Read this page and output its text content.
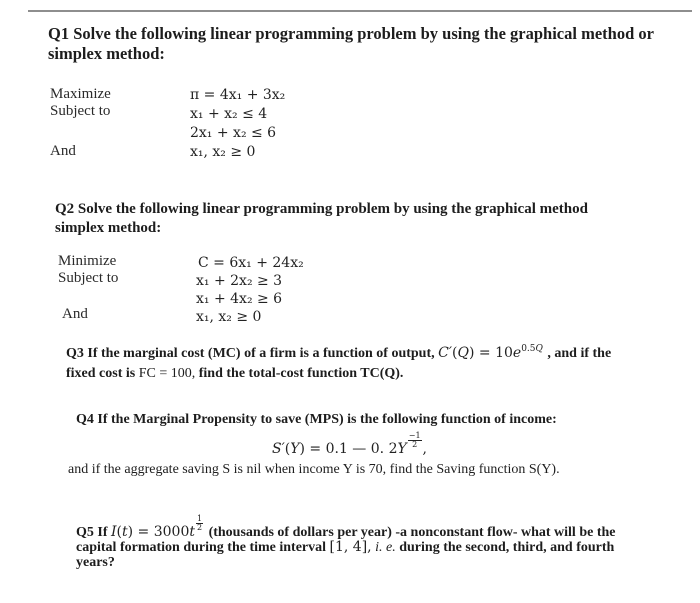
Q1 Solve the following linear programming problem by using the graphical method or
simplex method:
Maximize
Subject to
And
π = 4x₁ + 3x₂
x₁ + x₂ ≤ 4
2x₁ + x₂ ≤ 6
x₁, x₂ ≥ 0
Q2 Solve the following linear programming problem by using the graphical method
simplex method:
Minimize
Subject to
And
C = 6x₁ + 24x₂
x₁ + 2x₂ ≥ 3
x₁ + 4x₂ ≥ 6
x₁, x₂ ≥ 0
Q3 If the marginal cost (MC) of a firm is a function of output, $C'(Q) = 10e^{0.5Q}$ , and if the
fixed cost is FC = 100, find the total-cost function TC(Q).
Q4 If the Marginal Propensity to save (MPS) is the following function of income:
S′(Y) = 0.1 — 0. $2Y \frac{-1}{2}$ ,
and if the aggregate saving S is nil when income Y is 70, find the Saving function S(Y).
Q5 If $I(t) = 3000t \frac{1}{2}$
(thousands of dollars per year) -a nonconstant flow- what will be the
capital formation during the time interval [1, 4], i. e. during the second, third, and fourth
years?
